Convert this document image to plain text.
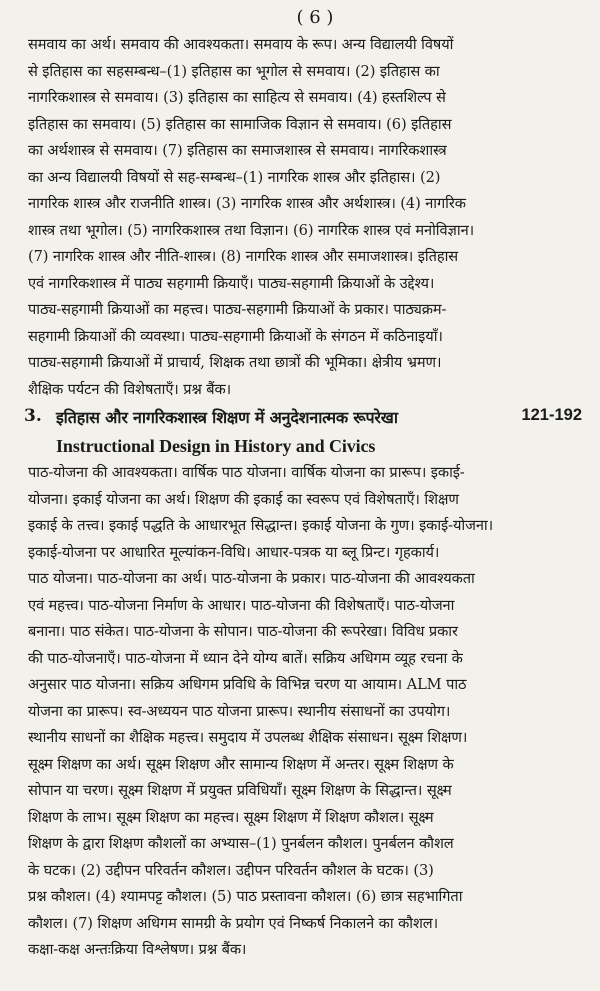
( 6 )
समवाय का अर्थ। समवाय की आवश्यकता। समवाय के रूप। अन्य विद्यालयी विषयों
से इतिहास का सहसम्बन्ध–(1) इतिहास का भूगोल से समवाय। (2) इतिहास का
नागरिकशास्त्र से समवाय। (3) इतिहास का साहित्य से समवाय। (4) हस्तशिल्प से
इतिहास का समवाय। (5) इतिहास का सामाजिक विज्ञान से समवाय। (6) इतिहास
का अर्थशास्त्र से समवाय। (7) इतिहास का समाजशास्त्र से समवाय। नागरिकशास्त्र
का अन्य विद्यालयी विषयों से सह-सम्बन्ध–(1) नागरिक शास्त्र और इतिहास। (2)
नागरिक शास्त्र और राजनीति शास्त्र। (3) नागरिक शास्त्र और अर्थशास्त्र। (4) नागरिक
शास्त्र तथा भूगोल। (5) नागरिकशास्त्र तथा विज्ञान। (6) नागरिक शास्त्र एवं मनोविज्ञान।
(7) नागरिक शास्त्र और नीति-शास्त्र। (8) नागरिक शास्त्र और समाजशास्त्र। इतिहास
एवं नागरिकशास्त्र में पाठ्य सहगामी क्रियाएँ। पाठ्य-सहगामी क्रियाओं के उद्देश्य।
पाठ्य-सहगामी क्रियाओं का महत्त्व। पाठ्य-सहगामी क्रियाओं के प्रकार। पाठ्यक्रम-
सहगामी क्रियाओं की व्यवस्था। पाठ्य-सहगामी क्रियाओं के संगठन में कठिनाइयाँ।
पाठ्य-सहगामी क्रियाओं में प्राचार्य, शिक्षक तथा छात्रों की भूमिका। क्षेत्रीय भ्रमण।
शैक्षिक पर्यटन की विशेषताएँ। प्रश्न बैंक।
3. इतिहास और नागरिकशास्त्र शिक्षण में अनुदेशनात्मक रूपरेखा	121-192
Instructional Design in History and Civics
पाठ-योजना की आवश्यकता। वार्षिक पाठ योजना। वार्षिक योजना का प्रारूप। इकाई-
योजना। इकाई योजना का अर्थ। शिक्षण की इकाई का स्वरूप एवं विशेषताएँ। शिक्षण
इकाई के तत्त्व। इकाई पद्धति के आधारभूत सिद्धान्त। इकाई योजना के गुण। इकाई-योजना।
इकाई-योजना पर आधारित मूल्यांकन-विधि। आधार-पत्रक या ब्लू प्रिन्ट। गृहकार्य।
पाठ योजना। पाठ-योजना का अर्थ। पाठ-योजना के प्रकार। पाठ-योजना की आवश्यकता
एवं महत्त्व। पाठ-योजना निर्माण के आधार। पाठ-योजना की विशेषताएँ। पाठ-योजना
बनाना। पाठ संकेत। पाठ-योजना के सोपान। पाठ-योजना की रूपरेखा। विविध प्रकार
की पाठ-योजनाएँ। पाठ-योजना में ध्यान देने योग्य बातें। सक्रिय अधिगम व्यूह रचना के
अनुसार पाठ योजना। सक्रिय अधिगम प्रविधि के विभिन्न चरण या आयाम। ALM पाठ
योजना का प्रारूप। स्व-अध्ययन पाठ योजना प्रारूप। स्थानीय संसाधनों का उपयोग।
स्थानीय साधनों का शैक्षिक महत्त्व। समुदाय में उपलब्ध शैक्षिक संसाधन। सूक्ष्म शिक्षण।
सूक्ष्म शिक्षण का अर्थ। सूक्ष्म शिक्षण और सामान्य शिक्षण में अन्तर। सूक्ष्म शिक्षण के
सोपान या चरण। सूक्ष्म शिक्षण में प्रयुक्त प्रविधियाँ। सूक्ष्म शिक्षण के सिद्धान्त। सूक्ष्म
शिक्षण के लाभ। सूक्ष्म शिक्षण का महत्त्व। सूक्ष्म शिक्षण में शिक्षण कौशल। सूक्ष्म
शिक्षण के द्वारा शिक्षण कौशलों का अभ्यास–(1) पुनर्बलन कौशल। पुनर्बलन कौशल
के घटक। (2) उद्दीपन परिवर्तन कौशल। उद्दीपन परिवर्तन कौशल के घटक। (3)
प्रश्न कौशल। (4) श्यामपट्ट कौशल। (5) पाठ प्रस्तावना कौशल। (6) छात्र सहभागिता
कौशल। (7) शिक्षण अधिगम सामग्री के प्रयोग एवं निष्कर्ष निकालने का कौशल।
कक्षा-कक्ष अन्तःक्रिया विश्लेषण। प्रश्न बैंक।
